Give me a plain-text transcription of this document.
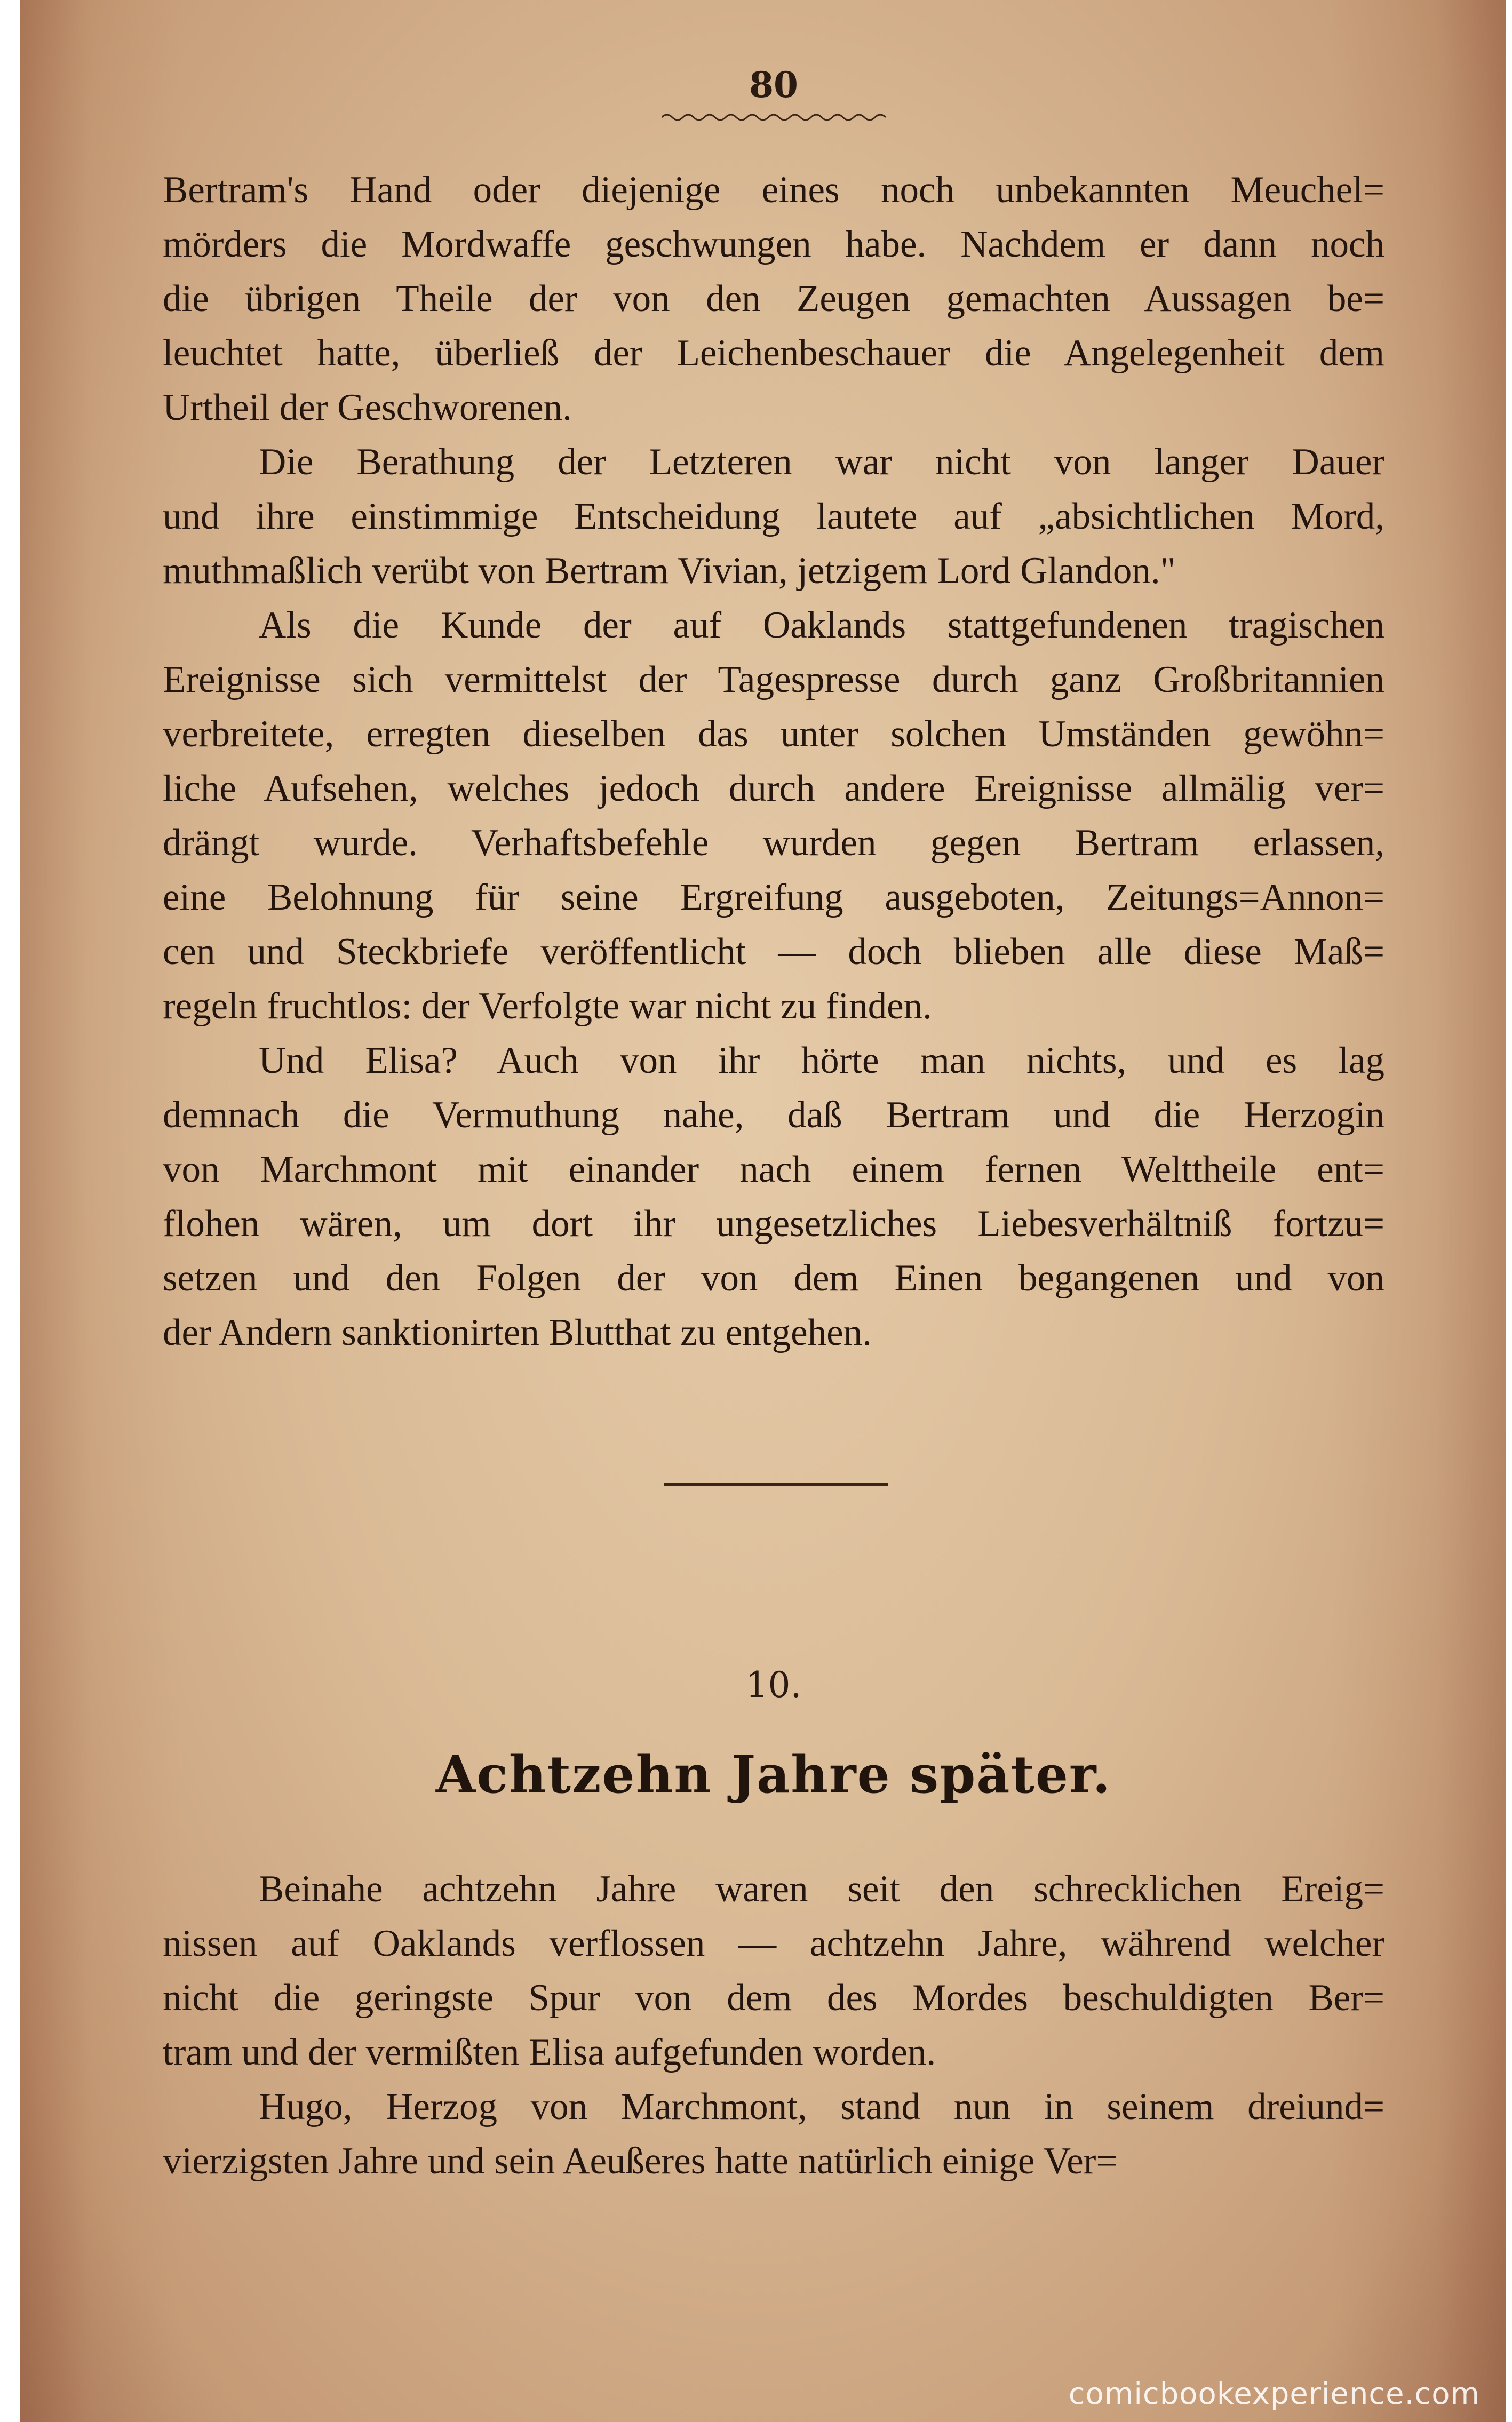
80
Bertram's Hand oder diejenige eines noch unbekannten Meuchel=
mörders die Mordwaffe geschwungen habe. Nachdem er dann noch
die übrigen Theile der von den Zeugen gemachten Aussagen be=
leuchtet hatte, überließ der Leichenbeschauer die Angelegenheit dem
Urtheil der Geschworenen.
Die Berathung der Letzteren war nicht von langer Dauer
und ihre einstimmige Entscheidung lautete auf „absichtlichen Mord,
muthmaßlich verübt von Bertram Vivian, jetzigem Lord Glandon."
Als die Kunde der auf Oaklands stattgefundenen tragischen
Ereignisse sich vermittelst der Tagespresse durch ganz Großbritannien
verbreitete, erregten dieselben das unter solchen Umständen gewöhn=
liche Aufsehen, welches jedoch durch andere Ereignisse allmälig ver=
drängt wurde. Verhaftsbefehle wurden gegen Bertram erlassen,
eine Belohnung für seine Ergreifung ausgeboten, Zeitungs=Annon=
cen und Steckbriefe veröffentlicht — doch blieben alle diese Maß=
regeln fruchtlos: der Verfolgte war nicht zu finden.
Und Elisa? Auch von ihr hörte man nichts, und es lag
demnach die Vermuthung nahe, daß Bertram und die Herzogin
von Marchmont mit einander nach einem fernen Welttheile ent=
flohen wären, um dort ihr ungesetzliches Liebesverhältniß fortzu=
setzen und den Folgen der von dem Einen begangenen und von
der Andern sanktionirten Blutthat zu entgehen.
10.
Achtzehn Jahre später.
Beinahe achtzehn Jahre waren seit den schrecklichen Ereig=
nissen auf Oaklands verflossen — achtzehn Jahre, während welcher
nicht die geringste Spur von dem des Mordes beschuldigten Ber=
tram und der vermißten Elisa aufgefunden worden.
Hugo, Herzog von Marchmont, stand nun in seinem dreiund=
vierzigsten Jahre und sein Aeußeres hatte natürlich einige Ver=
comicbookexperience.com
